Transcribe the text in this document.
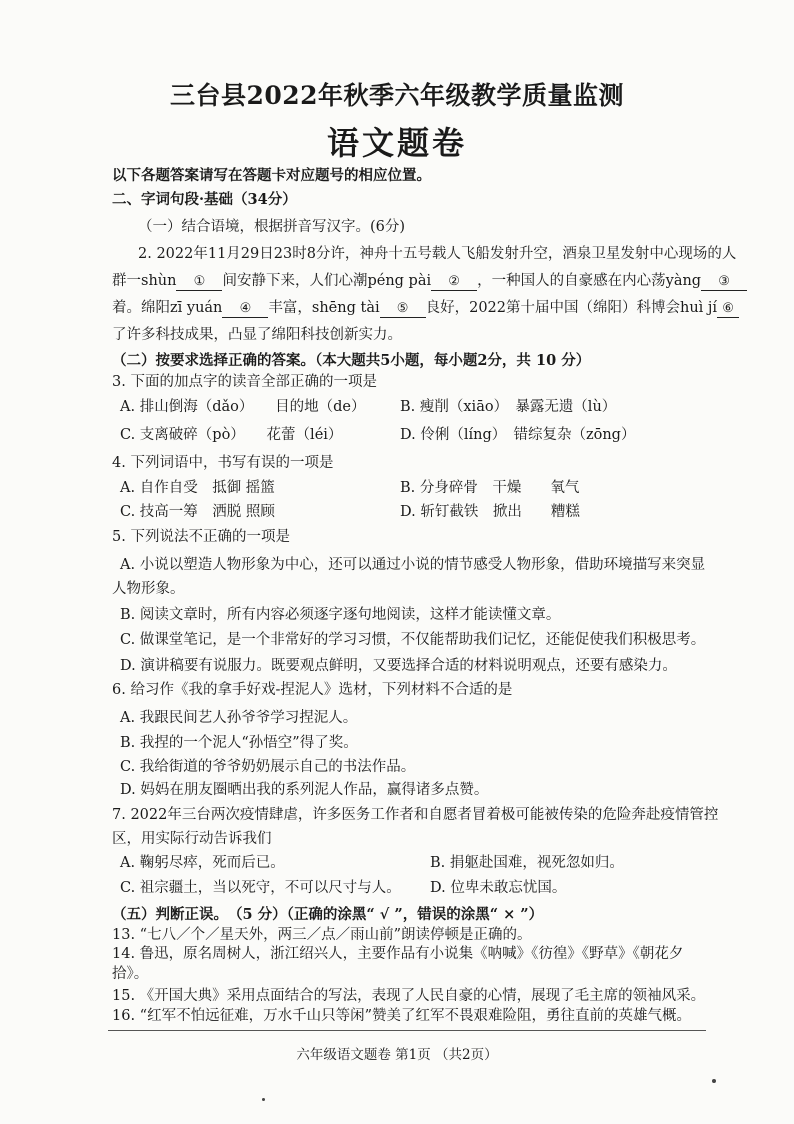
三台县2022年秋季六年级教学质量监测
语文题卷
以下各题答案请写在答题卡对应题号的相应位置。
二、字词句段·基础（34分）
（一）结合语境，根据拼音写汉字。(6分)
2. 2022年11月29日23时8分许，神舟十五号载人飞船发射升空，酒泉卫星发射中心现场的人
群一shùn ① 间安静下来，人们心潮péng pài ② ，一种国人的自豪感在内心荡yàng ③
着。绵阳zī yuán ④ 丰富，shēng tài ⑤ 良好，2022第十届中国（绵阳）科博会huì jí ⑥
了许多科技成果，凸显了绵阳科技创新实力。
（二）按要求选择正确的答案。（本大题共5小题，每小题2分，共 10 分）
3. 下面的加点字的读音全部正确的一项是
A. 排山倒海（dǎo）　　目的地（de） B. 瘦削（xiāo）　暴露无遗（lù）
C. 支离破碎（pò）　　花蕾（léi）	D. 伶俐（líng）　错综复杂（zōng）
4. 下列词语中，书写有误的一项是
A. 自作自受　抵御 摇篮	B. 分身碎骨　干燥　　氧气
C. 技高一筹　洒脱 照顾	D. 斩钉截铁　掀出　　糟糕
5. 下列说法不正确的一项是
A. 小说以塑造人物形象为中心，还可以通过小说的情节感受人物形象，借助环境描写来突显
人物形象。
B. 阅读文章时，所有内容必须逐字逐句地阅读，这样才能读懂文章。
C. 做课堂笔记，是一个非常好的学习习惯，不仅能帮助我们记忆，还能促使我们积极思考。
D. 演讲稿要有说服力。既要观点鲜明，又要选择合适的材料说明观点，还要有感染力。
6. 给习作《我的拿手好戏-捏泥人》选材，下列材料不合适的是
A. 我跟民间艺人孙爷爷学习捏泥人。
B. 我捏的一个泥人“孙悟空”得了奖。
C. 我给街道的爷爷奶奶展示自己的书法作品。
D. 妈妈在朋友圈晒出我的系列泥人作品，赢得诸多点赞。
7. 2022年三台两次疫情肆虐，许多医务工作者和自愿者冒着极可能被传染的危险奔赴疫情管控
区，用实际行动告诉我们
A. 鞠躬尽瘁，死而后已。	B. 捐躯赴国难，视死忽如归。
C. 祖宗疆土，当以死守，不可以尺寸与人。 D. 位卑未敢忘忧国。
（五）判断正误。　（5 分）（正确的涂黑“ √ ”，错误的涂黑“ × ”）
13. “七八／个／星天外，两三／点／雨山前”朗读停顿是正确的。
14. 鲁迅，原名周树人，浙江绍兴人，主要作品有小说集《呐喊》《彷徨》《野草》《朝花夕
拾》。
15. 《开国大典》采用点面结合的写法，表现了人民自豪的心情，展现了毛主席的领袖风采。
16. “红军不怕远征难，万水千山只等闲”赞美了红军不畏艰难险阻，勇往直前的英雄气概。
六年级语文题卷 第1页 （共2页）
